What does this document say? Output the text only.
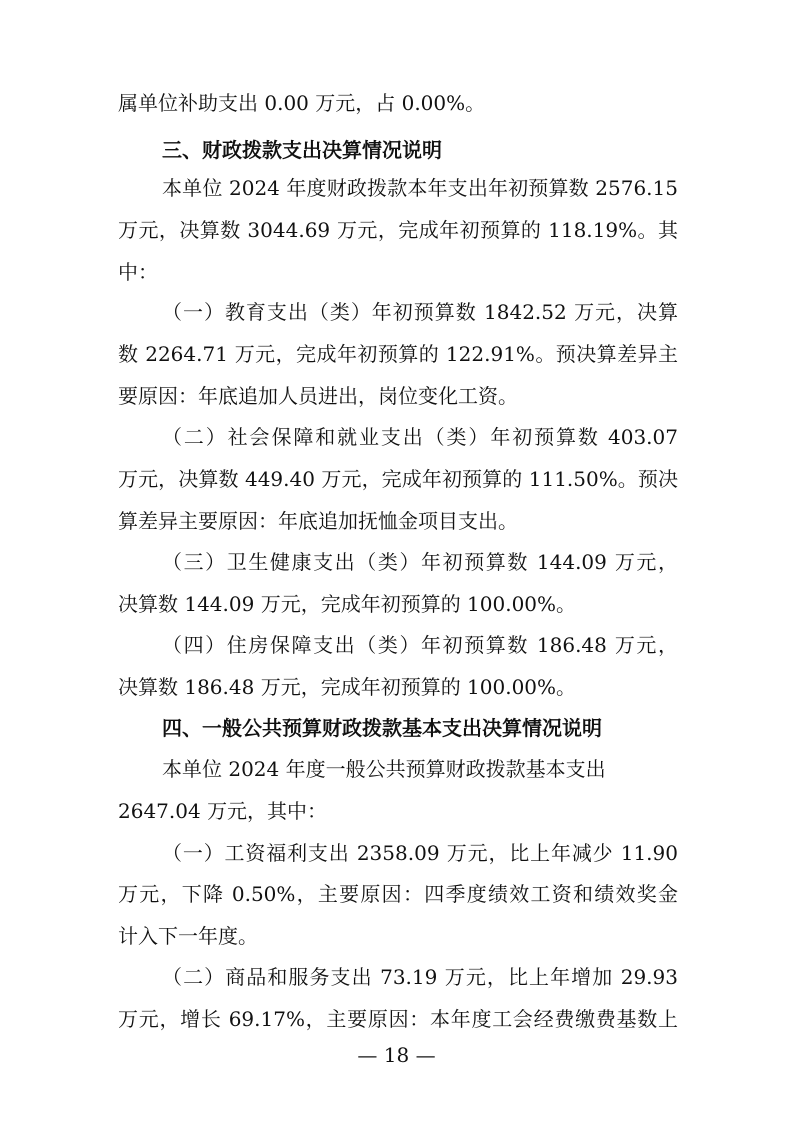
属单位补助支出 0.00 万元，占 0.00%。
三、财政拨款支出决算情况说明
本单位 2024 年度财政拨款本年支出年初预算数 2576.15
万元，决算数 3044.69 万元，完成年初预算的 118.19%。其
中：
（一）教育支出（类）年初预算数 1842.52 万元，决算
数 2264.71 万元，完成年初预算的 122.91%。预决算差异主
要原因：年底追加人员进出，岗位变化工资。
（二）社会保障和就业支出（类）年初预算数 403.07
万元，决算数 449.40 万元，完成年初预算的 111.50%。预决
算差异主要原因：年底追加抚恤金项目支出。
（三）卫生健康支出（类）年初预算数 144.09 万元，
决算数 144.09 万元，完成年初预算的 100.00%。
（四）住房保障支出（类）年初预算数 186.48 万元，
决算数 186.48 万元，完成年初预算的 100.00%。
四、一般公共预算财政拨款基本支出决算情况说明
本单位 2024 年度一般公共预算财政拨款基本支出
2647.04 万元，其中：
（一）工资福利支出 2358.09 万元，比上年减少 11.90
万元，下降 0.50%，主要原因：四季度绩效工资和绩效奖金
计入下一年度。
（二）商品和服务支出 73.19 万元，比上年增加 29.93
万元，增长 69.17%，主要原因：本年度工会经费缴费基数上
— 18 —
